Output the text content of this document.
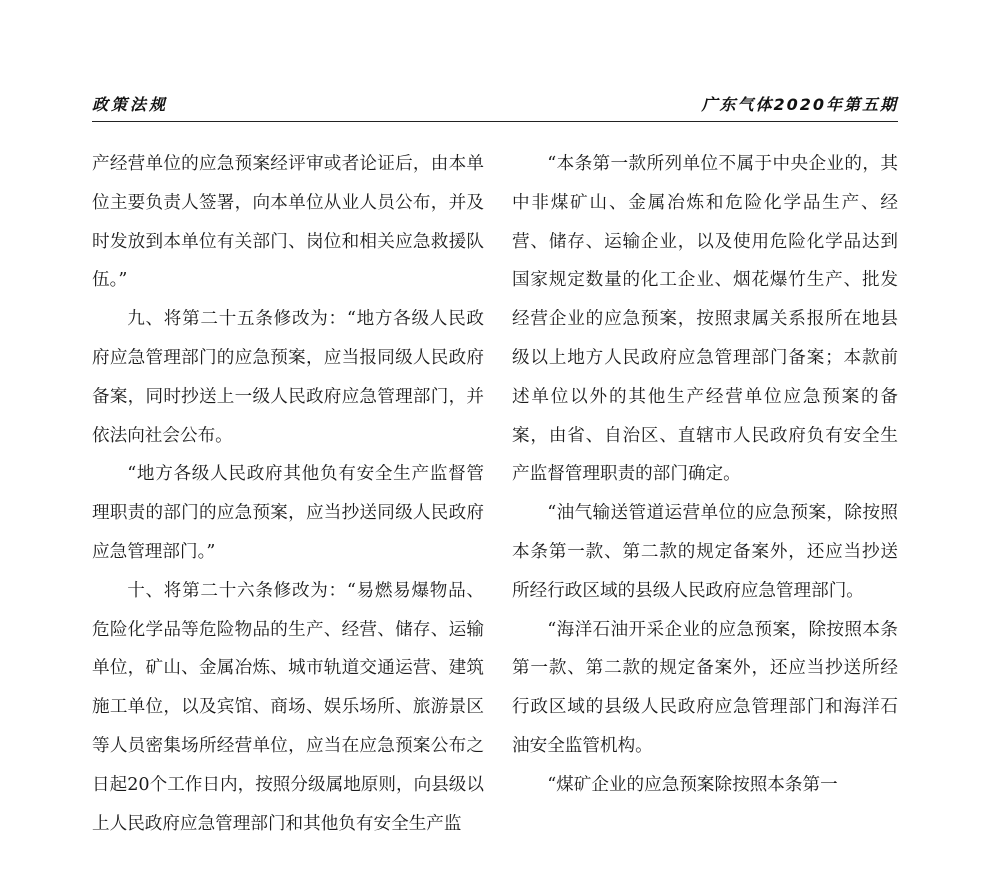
政策法规	广东气体2020年第五期

产经营单位的应急预案经评审或者论证后，由本单位主要负责人签署，向本单位从业人员公布，并及时发放到本单位有关部门、岗位和相关应急救援队伍。”

九、将第二十五条修改为：“地方各级人民政府应急管理部门的应急预案，应当报同级人民政府备案，同时抄送上一级人民政府应急管理部门，并依法向社会公布。

“地方各级人民政府其他负有安全生产监督管理职责的部门的应急预案，应当抄送同级人民政府应急管理部门。”

十、将第二十六条修改为：“易燃易爆物品、危险化学品等危险物品的生产、经营、储存、运输单位，矿山、金属冶炼、城市轨道交通运营、建筑施工单位，以及宾馆、商场、娱乐场所、旅游景区等人员密集场所经营单位，应当在应急预案公布之日起20个工作日内，按照分级属地原则，向县级以上人民政府应急管理部门和其他负有安全生产监

“本条第一款所列单位不属于中央企业的，其中非煤矿山、金属冶炼和危险化学品生产、经营、储存、运输企业，以及使用危险化学品达到国家规定数量的化工企业、烟花爆竹生产、批发经营企业的应急预案，按照隶属关系报所在地县级以上地方人民政府应急管理部门备案；本款前述单位以外的其他生产经营单位应急预案的备案，由省、自治区、直辖市人民政府负有安全生产监督管理职责的部门确定。

“油气输送管道运营单位的应急预案，除按照本条第一款、第二款的规定备案外，还应当抄送所经行政区域的县级人民政府应急管理部门。

“海洋石油开采企业的应急预案，除按照本条第一款、第二款的规定备案外，还应当抄送所经行政区域的县级人民政府应急管理部门和海洋石油安全监管机构。

“煤矿企业的应急预案除按照本条第一
